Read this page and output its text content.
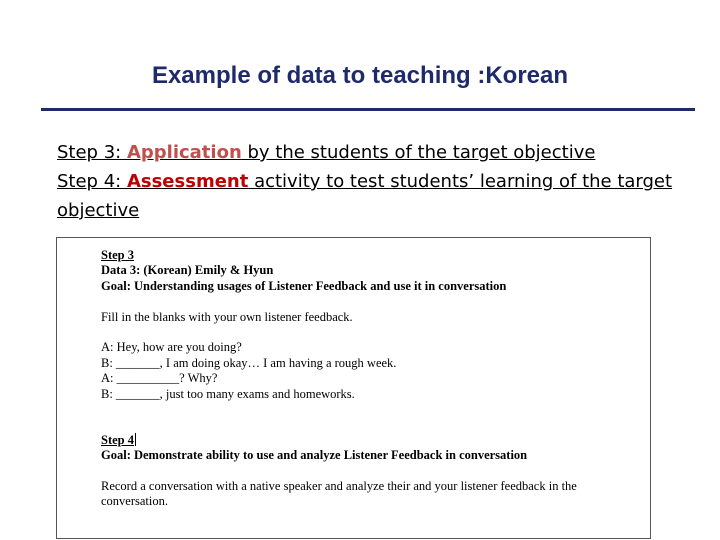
Example of data to teaching :Korean

Step 3: Application by the students of the target objective

Step 4: Assessment activity to test students’ learning of the target objective

Step 3

Data 3: (Korean) Emily & Hyun

Goal: Understanding usages of Listener Feedback and use it in conversation

Fill in the blanks with your own listener feedback.

A: Hey, how are you doing?

B: _______, I am doing okay… I am having a rough week.

A: __________? Why?

B: _______, just too many exams and homeworks.

Step 4

Goal: Demonstrate ability to use and analyze Listener Feedback in conversation

Record a conversation with a native speaker and analyze their and your listener feedback in the conversation.
